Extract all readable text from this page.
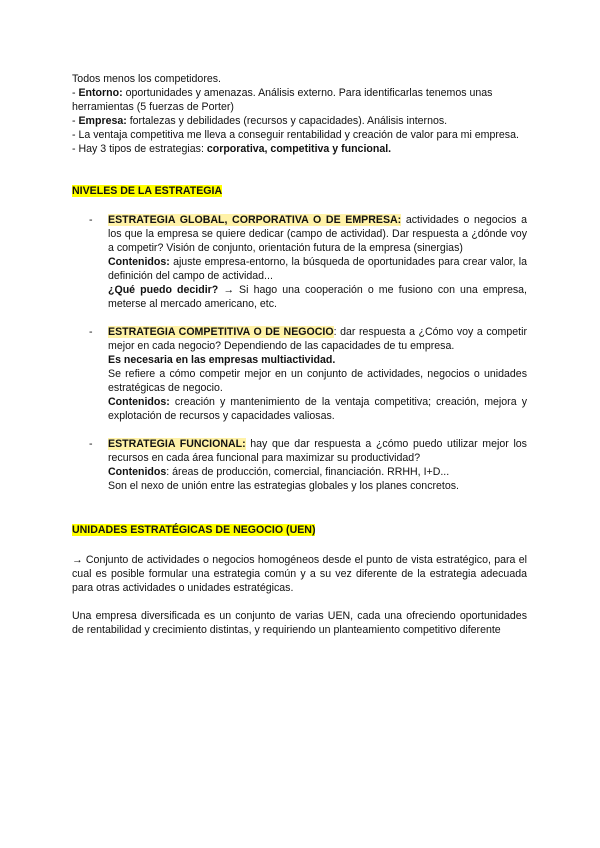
Todos menos los competidores.

- Entorno: oportunidades y amenazas. Análisis externo. Para identificarlas tenemos unas herramientas (5 fuerzas de Porter)

- Empresa: fortalezas y debilidades (recursos y capacidades). Análisis internos.

- La ventaja competitiva me lleva a conseguir rentabilidad y creación de valor para mi empresa.

- Hay 3 tipos de estrategias: corporativa, competitiva y funcional.

NIVELES DE LA ESTRATEGIA

- ESTRATEGIA GLOBAL, CORPORATIVA O DE EMPRESA: actividades o negocios a los que la empresa se quiere dedicar (campo de actividad). Dar respuesta a ¿dónde voy a competir? Visión de conjunto, orientación futura de la empresa (sinergias)

Contenidos: ajuste empresa-entorno, la búsqueda de oportunidades para crear valor, la definición del campo de actividad...

¿Qué puedo decidir? → Si hago una cooperación o me fusiono con una empresa, meterse al mercado americano, etc.

- ESTRATEGIA COMPETITIVA O DE NEGOCIO: dar respuesta a ¿Cómo voy a competir mejor en cada negocio? Dependiendo de las capacidades de tu empresa.

Es necesaria en las empresas multiactividad.

Se refiere a cómo competir mejor en un conjunto de actividades, negocios o unidades estratégicas de negocio.

Contenidos: creación y mantenimiento de la ventaja competitiva; creación, mejora y explotación de recursos y capacidades valiosas.

- ESTRATEGIA FUNCIONAL: hay que dar respuesta a ¿cómo puedo utilizar mejor los recursos en cada área funcional para maximizar su productividad?

Contenidos: áreas de producción, comercial, financiación. RRHH, I+D...

Son el nexo de unión entre las estrategias globales y los planes concretos.

UNIDADES ESTRATÉGICAS DE NEGOCIO (UEN)

→ Conjunto de actividades o negocios homogéneos desde el punto de vista estratégico, para el cual es posible formular una estrategia común y a su vez diferente de la estrategia adecuada para otras actividades o unidades estratégicas.

Una empresa diversificada es un conjunto de varias UEN, cada una ofreciendo oportunidades de rentabilidad y crecimiento distintas, y requiriendo un planteamiento competitivo diferente
